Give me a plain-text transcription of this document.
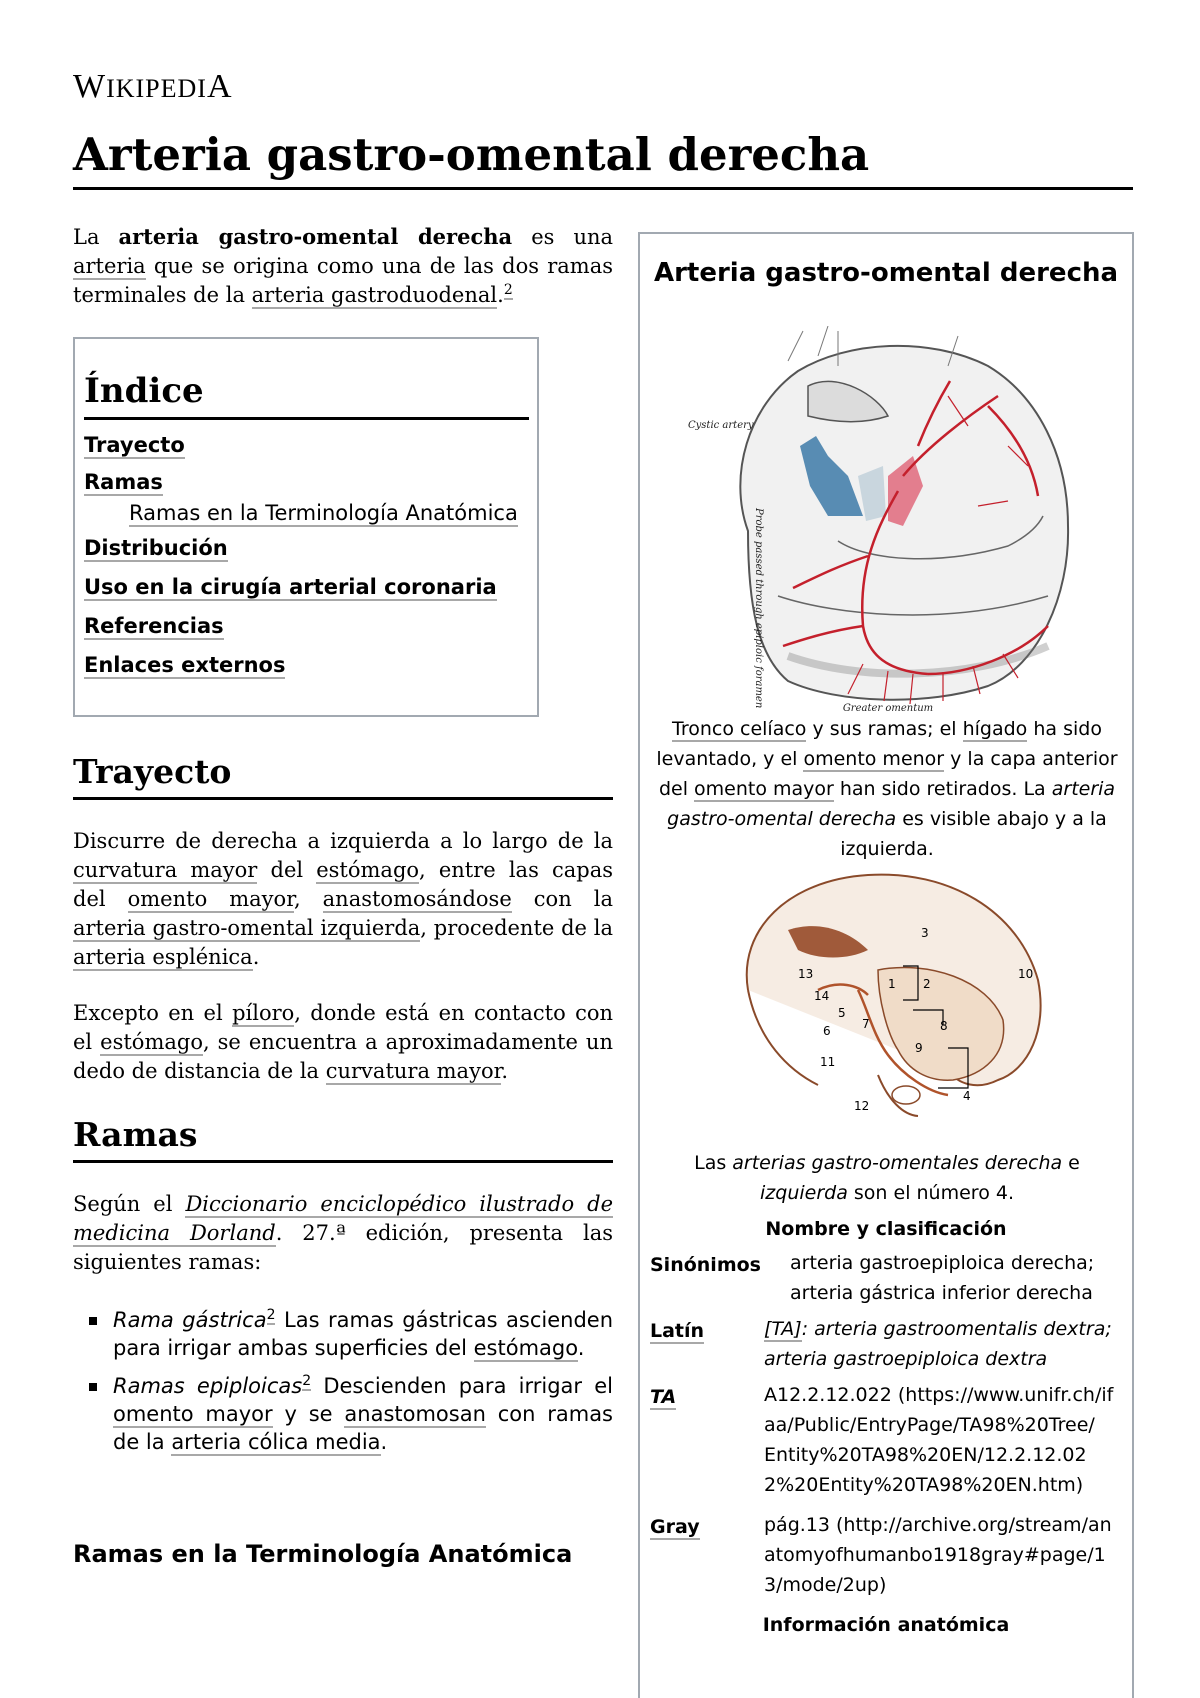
WIKIPEDIA
Arteria gastro-omental derecha

La arteria gastro-omental derecha es una arteria que se origina como una de las dos ramas terminales de la arteria gastroduodenal.$^2$

Índice
Trayecto
Ramas
Ramas en la Terminología Anatómica
Distribución
Uso en la cirugía arterial coronaria
Referencias
Enlaces externos
Trayecto

Discurre de derecha a izquierda a lo largo de la curvatura mayor del estómago, entre las capas del omento mayor, anastomosándose con la arteria gastro-omental izquierda, procedente de la arteria esplénica.

Excepto en el píloro, donde está en contacto con el estómago, se encuentra a aproximadamente un dedo de distancia de la curvatura mayor.

Ramas

Según el Diccionario enciclopédico ilustrado de medicina Dorland. 27.ª edición, presenta las siguientes ramas:

Rama gástrica$^2$ Las ramas gástricas ascienden para irrigar ambas superficies del estómago.
Ramas epiploicas$^2$ Descienden para irrigar el omento mayor y se anastomosan con ramas de la arteria cólica media.
Ramas en la Terminología Anatómica
Arteria gastro-omental derecha
Cystic artery
Probe passed through epiploic foramen
Greater omentum
Tronco celíaco y sus ramas; el hígado ha sido levantado, y el omento menor y la capa anterior del omento mayor han sido retirados. La arteria gastro-omental derecha es visible abajo y a la izquierda.
1 2
3
4
5
6	7	8
9
10
11
12
13
14
Las arterias gastro-omentales derecha e izquierda son el número 4.
Nombre y clasificación
Sinónimos arteria gastroepiploica derecha;
arteria gástrica inferior derecha
Latín	[TA]: arteria gastroomentalis dextra;
arteria gastroepiploica dextra
TA	A12.2.12.022 (https://www.unifr.ch/if
aa/Public/EntryPage/TA98%20Tree/
Entity%20TA98%20EN/12.2.12.02
2%20Entity%20TA98%20EN.htm)
Gray	pág.13 (http://archive.org/stream/an
atomyofhumanbo1918gray#page/1
3/mode/2up)
Información anatómica
